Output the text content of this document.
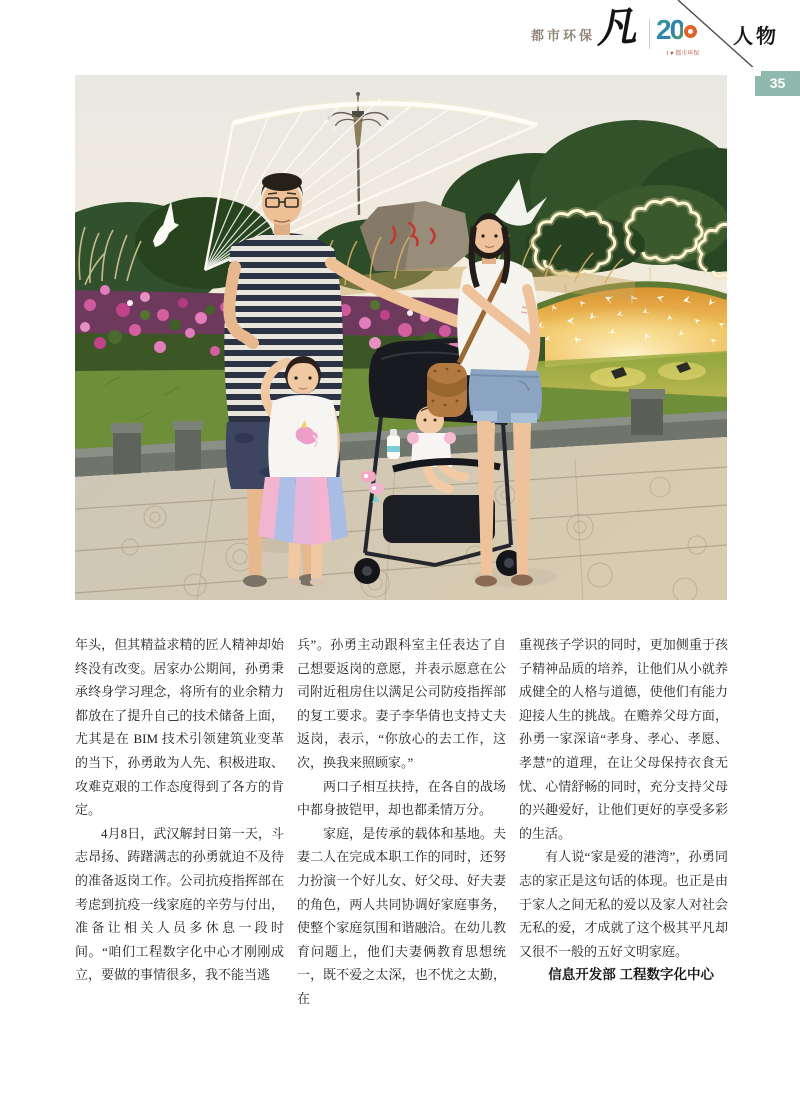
都市环保 凡 20
I ♥ 都市环保
人物
35

年头，但其精益求精的匠人精神却始终没有改变。居家办公期间，孙勇秉承终身学习理念，将所有的业余精力都放在了提升自己的技术储备上面，尤其是在 BIM 技术引领建筑业变革的当下，孙勇敢为人先、积极进取、攻难克艰的工作态度得到了各方的肯定。

4月8日，武汉解封日第一天，斗志昂扬、踌躇满志的孙勇就迫不及待的准备返岗工作。公司抗疫指挥部在考虑到抗疫一线家庭的辛劳与付出，准备让相关人员多休息一段时间。“咱们工程数字化中心才刚刚成立，要做的事情很多，我不能当逃

兵”。孙勇主动跟科室主任表达了自己想要返岗的意愿，并表示愿意在公司附近租房住以满足公司防疫指挥部的复工要求。妻子李华倩也支持丈夫返岗，表示，“你放心的去工作，这次，换我来照顾家。”

两口子相互扶持，在各自的战场中都身披铠甲，却也都柔情万分。

家庭，是传承的载体和基地。夫妻二人在完成本职工作的同时，还努力扮演一个好儿女、好父母、好夫妻的角色，两人共同协调好家庭事务，使整个家庭氛围和谐融洽。在幼儿教育问题上，他们夫妻俩教育思想统一，既不爱之太深，也不忧之太勤，在

重视孩子学识的同时，更加侧重于孩子精神品质的培养，让他们从小就养成健全的人格与道德，使他们有能力迎接人生的挑战。在赡养父母方面，孙勇一家深谙“孝身、孝心、孝愿、孝慧”的道理，在让父母保持衣食无忧、心情舒畅的同时，充分支持父母的兴趣爱好，让他们更好的享受多彩的生活。

有人说“家是爱的港湾”，孙勇同志的家正是这句话的体现。也正是由于家人之间无私的爱以及家人对社会无私的爱，才成就了这个极其平凡却又很不一般的五好文明家庭。

信息开发部 工程数字化中心
